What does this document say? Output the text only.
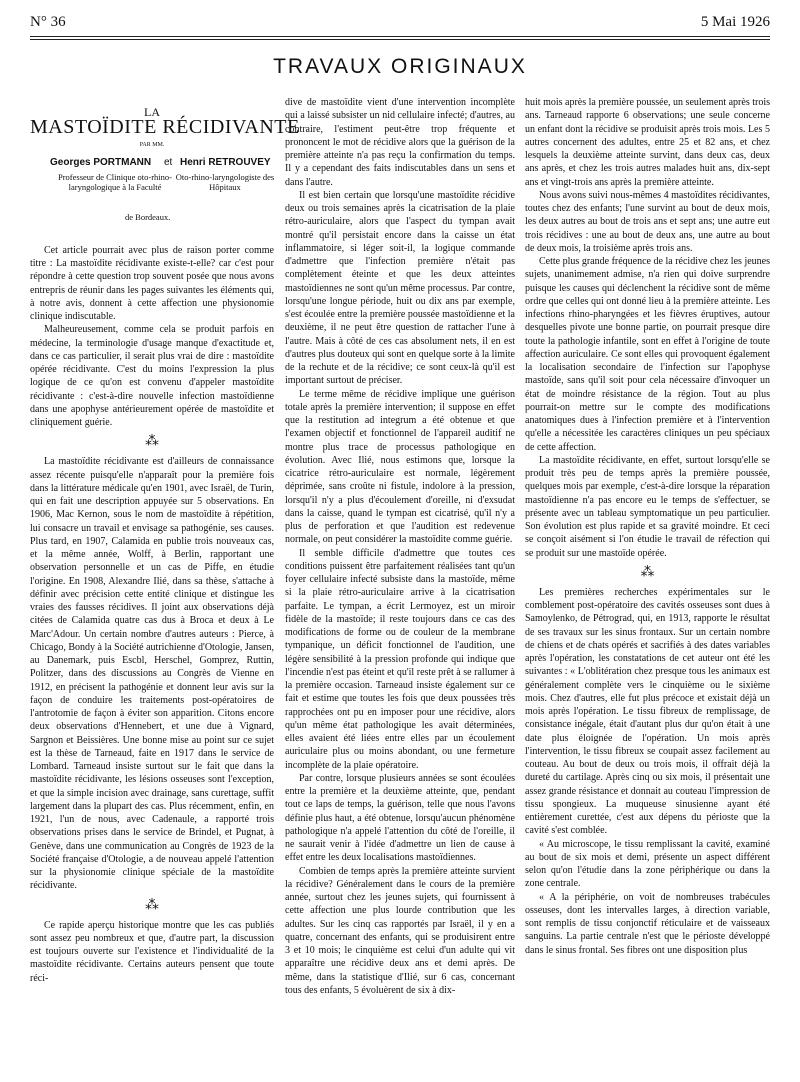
N° 36	5 Mai 1926
TRAVAUX ORIGINAUX
LA
MASTOÏDITE RÉCIDIVANTE
PAR MM.
Georges PORTMANN et Henri RETROUVEY
Professeur de Clinique oto-rhino-laryngologique à la Faculté
Oto-rhino-laryngologiste des Hôpitaux
de Bordeaux.

Cet article pourrait avec plus de raison porter comme titre : La mastoïdite récidivante existe-t-elle? car c'est pour répondre à cette question trop souvent posée que nous avons entrepris de réunir dans les pages suivantes les éléments qui, à notre avis, donnent à cette affection une physionomie clinique indiscutable.

Malheureusement, comme cela se produit parfois en médecine, la terminologie d'usage manque d'exactitude et, dans ce cas particulier, il serait plus vrai de dire : mastoïdite opérée récidivante. C'est du moins l'expression la plus logique de ce qu'on est convenu d'appeler mastoïdite récidivante : c'est-à-dire nouvelle infection mastoïdienne dans une apophyse antérieurement opérée de mastoïdite et cliniquement guérie.

⁂

La mastoïdite récidivante est d'ailleurs de connaissance assez récente puisqu'elle n'apparaît pour la première fois dans la littérature médicale qu'en 1901, avec Israël, de Turin, qui en fait une description appuyée sur 5 observations. En 1906, Mac Kernon, sous le nom de mastoïdite à répétition, lui consacre un travail et envisage sa pathogénie, ses causes. Plus tard, en 1907, Calamida en publie trois nouveaux cas, et la même année, Wolff, à Berlin, rapportant une observation personnelle et un cas de Piffe, en étudie l'origine. En 1908, Alexandre Ilié, dans sa thèse, s'attache à définir avec précision cette entité clinique et distingue les vraies des fausses récidives. Il joint aux observations déjà citées de Calamida quatre cas dus à Broca et deux à Le Marc'Adour. Un certain nombre d'autres auteurs : Pierce, à Chicago, Bondy à la Société autrichienne d'Otologie, Jansen, au Danemark, puis Escbl, Herschel, Gomprez, Ruttin, Politzer, dans des discussions au Congrès de Vienne en 1912, en précisent la pathogénie et donnent leur avis sur la façon de conduire les traitements post-opératoires de l'antrotomie de façon à éviter son apparition. Citons encore deux observations d'Hennebert, et une due à Vignard, Sargnon et Beissières. Une bonne mise au point sur ce sujet est la thèse de Tarneaud, faite en 1917 dans le service de Lombard. Tarneaud insiste surtout sur le fait que dans la mastoïdite récidivante, les lésions osseuses sont l'exception, et que la simple incision avec drainage, sans curettage, suffit largement dans la plupart des cas. Plus récemment, enfin, en 1921, l'un de nous, avec Cadenaule, a rapporté trois observations prises dans le service de Brindel, et Pugnat, à Genève, dans une communication au Congrès de 1923 de la Société française d'Otologie, a de nouveau appelé l'attention sur la physionomie clinique spéciale de la mastoïdite récidivante.

⁂

Ce rapide aperçu historique montre que les cas publiés sont assez peu nombreux et que, d'autre part, la discussion est toujours ouverte sur l'existence et l'individualité de la mastoïdite récidivante. Certains auteurs pensent que toute réci-

dive de mastoïdite vient d'une intervention incomplète qui a laissé subsister un nid cellulaire infecté; d'autres, au contraire, l'estiment peut-être trop fréquente et prononcent le mot de récidive alors que la guérison de la première atteinte n'a pas reçu la confirmation du temps. Il y a cependant des faits indiscutables dans un sens et dans l'autre.

Il est bien certain que lorsqu'une mastoïdite récidive deux ou trois semaines après la cicatrisation de la plaie rétro-auriculaire, alors que l'aspect du tympan avait montré qu'il persistait encore dans la caisse un état inflammatoire, si léger soit-il, la logique commande d'admettre que l'infection première n'était pas complètement éteinte et que les deux atteintes mastoïdiennes ne sont qu'un même processus. Par contre, lorsqu'une longue période, huit ou dix ans par exemple, s'est écoulée entre la première poussée mastoïdienne et la deuxième, il ne peut être question de rattacher l'une à l'autre. Mais à côté de ces cas absolument nets, il en est d'autres plus douteux qui sont en quelque sorte à la limite de la rechute et de la récidive; ce sont ceux-là qu'il est important surtout de préciser.

Le terme même de récidive implique une guérison totale après la première intervention; il suppose en effet que la restitution ad integrum a été obtenue et que l'examen objectif et fonctionnel de l'appareil auditif ne montre plus trace de processus pathologique en évolution. Avec Ilié, nous estimons que, lorsque la cicatrice rétro-auriculaire est normale, légèrement déprimée, sans croûte ni fistule, indolore à la pression, lorsqu'il n'y a plus d'écoulement d'oreille, ni d'exsudat dans la caisse, quand le tympan est cicatrisé, qu'il n'y a plus de perforation et que l'audition est redevenue normale, on peut considérer la mastoïdite comme guérie.

Il semble difficile d'admettre que toutes ces conditions puissent être parfaitement réalisées tant qu'un foyer cellulaire infecté subsiste dans la mastoïde, même si la plaie rétro-auriculaire arrive à la cicatrisation parfaite. Le tympan, a écrit Lermoyez, est un miroir fidèle de la mastoïde; il reste toujours dans ce cas des modifications de forme ou de couleur de la membrane tympanique, un déficit fonctionnel de l'audition, une légère sensibilité à la pression profonde qui indique que l'incendie n'est pas éteint et qu'il reste prêt à se rallumer à la première occasion. Tarneaud insiste également sur ce fait et estime que toutes les fois que deux poussées très rapprochées ont pu en imposer pour une récidive, alors qu'un même état pathologique les avait déterminées, elles avaient été liées entre elles par un écoulement auriculaire plus ou moins abondant, ou une fermeture incomplète de la plaie opératoire.

Par contre, lorsque plusieurs années se sont écoulées entre la première et la deuxième atteinte, que, pendant tout ce laps de temps, la guérison, telle que nous l'avons définie plus haut, a été obtenue, lorsqu'aucun phénomène pathologique n'a appelé l'attention du côté de l'oreille, il ne saurait venir à l'idée d'admettre un lien de cause à effet entre les deux localisations mastoïdiennes.

Combien de temps après la première atteinte survient la récidive? Généralement dans le cours de la première année, surtout chez les jeunes sujets, qui fournissent à cette affection une plus lourde contribution que les adultes. Sur les cinq cas rapportés par Israël, il y en a quatre, concernant des enfants, qui se produisirent entre 3 et 10 mois; le cinquième est celui d'un adulte qui vit apparaître une récidive deux ans et demi après. De même, dans la statistique d'Ilié, sur 6 cas, concernant tous des enfants, 5 évoluèrent de six à dix-

huit mois après la première poussée, un seulement après trois ans. Tarneaud rapporte 6 observations; une seule concerne un enfant dont la récidive se produisit après trois mois. Les 5 autres concernent des adultes, entre 25 et 82 ans, et chez lesquels la deuxième atteinte survint, dans deux cas, deux ans après, et chez les trois autres malades huit ans, dix-sept ans et vingt-trois ans après la première atteinte.

Nous avons suivi nous-mêmes 4 mastoïdites récidivantes, toutes chez des enfants; l'une survint au bout de deux mois, les deux autres au bout de trois ans et sept ans; une autre eut trois récidives : une au bout de deux ans, une autre au bout de deux mois, la troisième après trois ans.

Cette plus grande fréquence de la récidive chez les jeunes sujets, unanimement admise, n'a rien qui doive surprendre puisque les causes qui déclenchent la récidive sont de même ordre que celles qui ont donné lieu à la première atteinte. Les infections rhino-pharyngées et les fièvres éruptives, autour desquelles pivote une bonne partie, on pourrait presque dire toute la pathologie infantile, sont en effet à l'origine de toute affection auriculaire. Ce sont elles qui provoquent également la localisation secondaire de l'infection sur l'apophyse mastoïde, sans qu'il soit pour cela nécessaire d'invoquer un état de moindre résistance de la région. Tout au plus pourrait-on mettre sur le compte des modifications anatomiques dues à l'infection première et à l'intervention qu'elle a nécessitée les caractères cliniques un peu spéciaux de cette affection.

La mastoïdite récidivante, en effet, surtout lorsqu'elle se produit très peu de temps après la première poussée, quelques mois par exemple, c'est-à-dire lorsque la réparation mastoïdienne n'a pas encore eu le temps de s'effectuer, se présente avec un tableau symptomatique un peu particulier. Son évolution est plus rapide et sa gravité moindre. Et ceci se conçoit aisément si l'on étudie le travail de réfection qui se produit sur une mastoïde opérée.

⁂

Les premières recherches expérimentales sur le comblement post-opératoire des cavités osseuses sont dues à Samoylenko, de Pétrograd, qui, en 1913, rapporte le résultat de ses travaux sur les sinus frontaux. Sur un certain nombre de chiens et de chats opérés et sacrifiés à des dates variables après l'opération, les constatations de cet auteur ont été les suivantes : « L'oblitération chez presque tous les animaux est généralement complète vers le cinquième ou le sixième mois. Chez d'autres, elle fut plus précoce et existait déjà un mois après l'opération. Le tissu fibreux de remplissage, de consistance inégale, était d'autant plus dur qu'on était à une date plus éloignée de l'opération. Un mois après l'intervention, le tissu fibreux se coupait assez facilement au couteau. Au bout de deux ou trois mois, il offrait déjà la dureté du cartilage. Après cinq ou six mois, il présentait une assez grande résistance et donnait au couteau l'impression de tissu spongieux. La muqueuse sinusienne ayant été entièrement curettée, c'est aux dépens du périoste que la cavité s'est comblée.

« Au microscope, le tissu remplissant la cavité, examiné au bout de six mois et demi, présente un aspect différent selon qu'on l'étudie dans la zone périphérique ou dans la zone centrale.

« A la périphérie, on voit de nombreuses trabécules osseuses, dont les intervalles larges, à direction variable, sont remplis de tissu conjonctif réticulaire et de vaisseaux sanguins. La partie centrale n'est que le périoste développé dans le sinus frontal. Ses fibres ont une disposition plus
